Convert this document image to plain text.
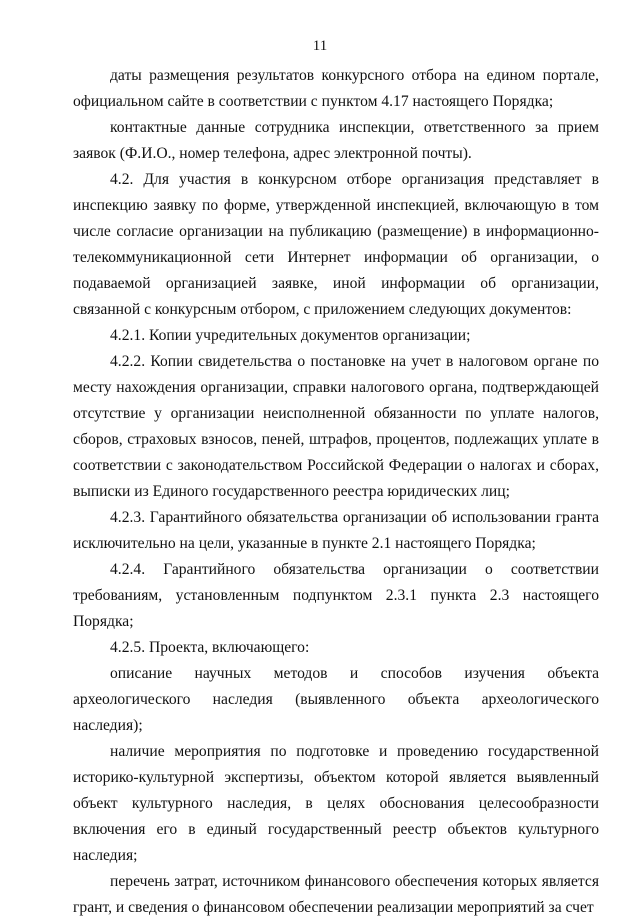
11

даты размещения результатов конкурсного отбора на едином портале, официальном сайте в соответствии с пунктом 4.17 настоящего Порядка;

контактные данные сотрудника инспекции, ответственного за прием заявок (Ф.И.О., номер телефона, адрес электронной почты).

4.2. Для участия в конкурсном отборе организация представляет в инспекцию заявку по форме, утвержденной инспекцией, включающую в том числе согласие организации на публикацию (размещение) в информационно-телекоммуникационной сети Интернет информации об организации, о подаваемой организацией заявке, иной информации об организации, связанной с конкурсным отбором, с приложением следующих документов:

4.2.1. Копии учредительных документов организации;

4.2.2. Копии свидетельства о постановке на учет в налоговом органе по месту нахождения организации, справки налогового органа, подтверждающей отсутствие у организации неисполненной обязанности по уплате налогов, сборов, страховых взносов, пеней, штрафов, процентов, подлежащих уплате в соответствии с законодательством Российской Федерации о налогах и сборах, выписки из Единого государственного реестра юридических лиц;

4.2.3. Гарантийного обязательства организации об использовании гранта исключительно на цели, указанные в пункте 2.1 настоящего Порядка;

4.2.4. Гарантийного обязательства организации о соответствии требованиям, установленным подпунктом 2.3.1 пункта 2.3 настоящего Порядка;

4.2.5. Проекта, включающего:

описание научных методов и способов изучения объекта археологического наследия (выявленного объекта археологического наследия);

наличие мероприятия по подготовке и проведению государственной историко-культурной экспертизы, объектом которой является выявленный объект культурного наследия, в целях обоснования целесообразности включения его в единый государственный реестр объектов культурного наследия;

перечень затрат, источником финансового обеспечения которых является грант, и сведения о финансовом обеспечении реализации мероприятий за счет
